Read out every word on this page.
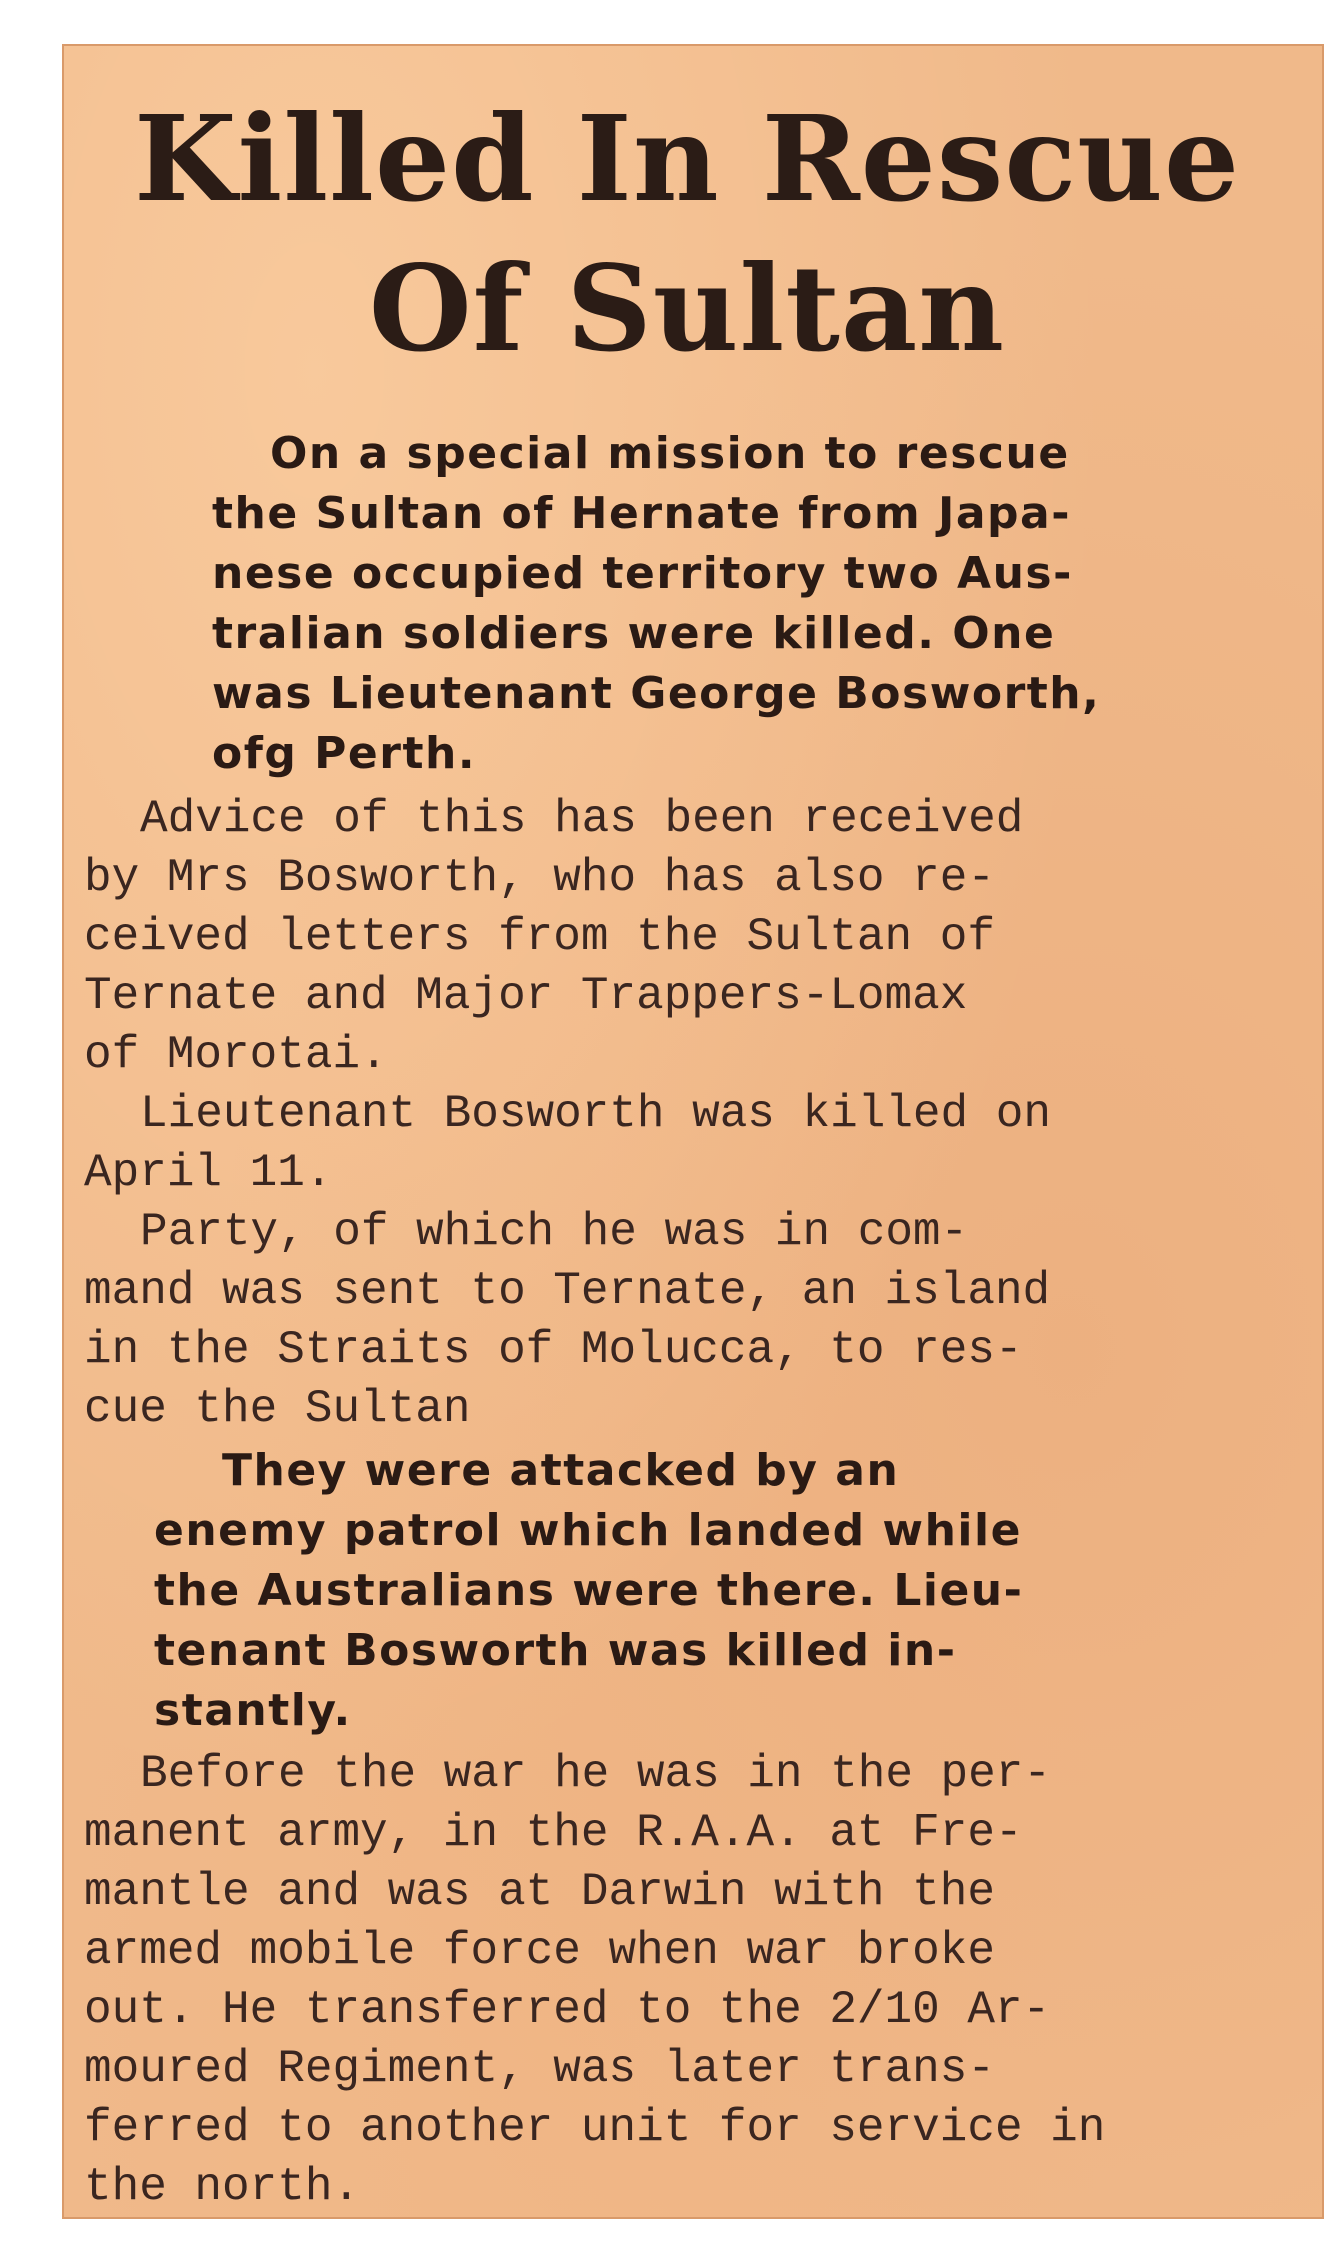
Killed In Rescue
Of Sultan

On a special mission to rescue
the Sultan of Hernate from Japa-
nese occupied territory two Aus-
tralian soldiers were killed. One
was Lieutenant George Bosworth,
ofg Perth.

Advice of this has been received
by Mrs Bosworth, who has also re-
ceived letters from the Sultan of
Ternate and Major Trappers-Lomax
of Morotai.

Lieutenant Bosworth was killed on
April 11.

Party, of which he was in com-
mand was sent to Ternate, an island
in the Straits of Molucca, to res-
cue the Sultan

They were attacked by an
enemy patrol which landed while
the Australians were there. Lieu-
tenant Bosworth was killed in-
stantly.

Before the war he was in the per-
manent army, in the R.A.A. at Fre-
mantle and was at Darwin with the
armed mobile force when war broke
out. He transferred to the 2/10 Ar-
moured Regiment, was later trans-
ferred to another unit for service in
the north.
